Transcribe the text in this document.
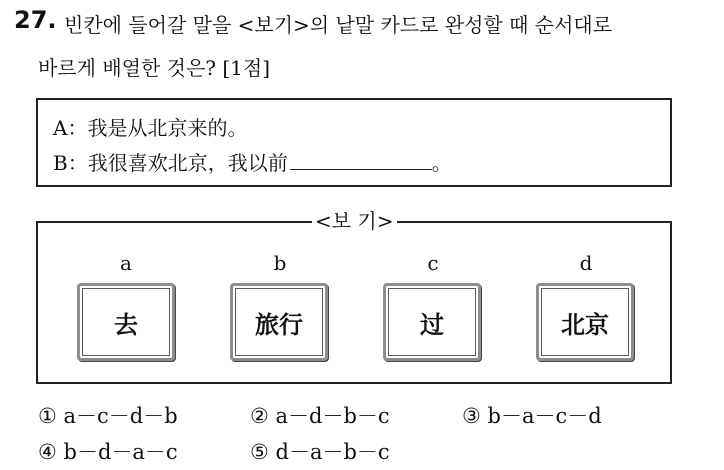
27. 빈칸에 들어갈 말을 <보기>의 낱말 카드로 완성할 때 순서대로
바르게 배열한 것은? [1점]
A：我是从北京来的。
B：我很喜欢北京，我以前	。
<보 기>
a
去
b
旅行
c
过
d
北京
① a－c－d－b	② a－d－b－c	③ b－a－c－d
④ b－d－a－c	⑤ d－a－b－c
